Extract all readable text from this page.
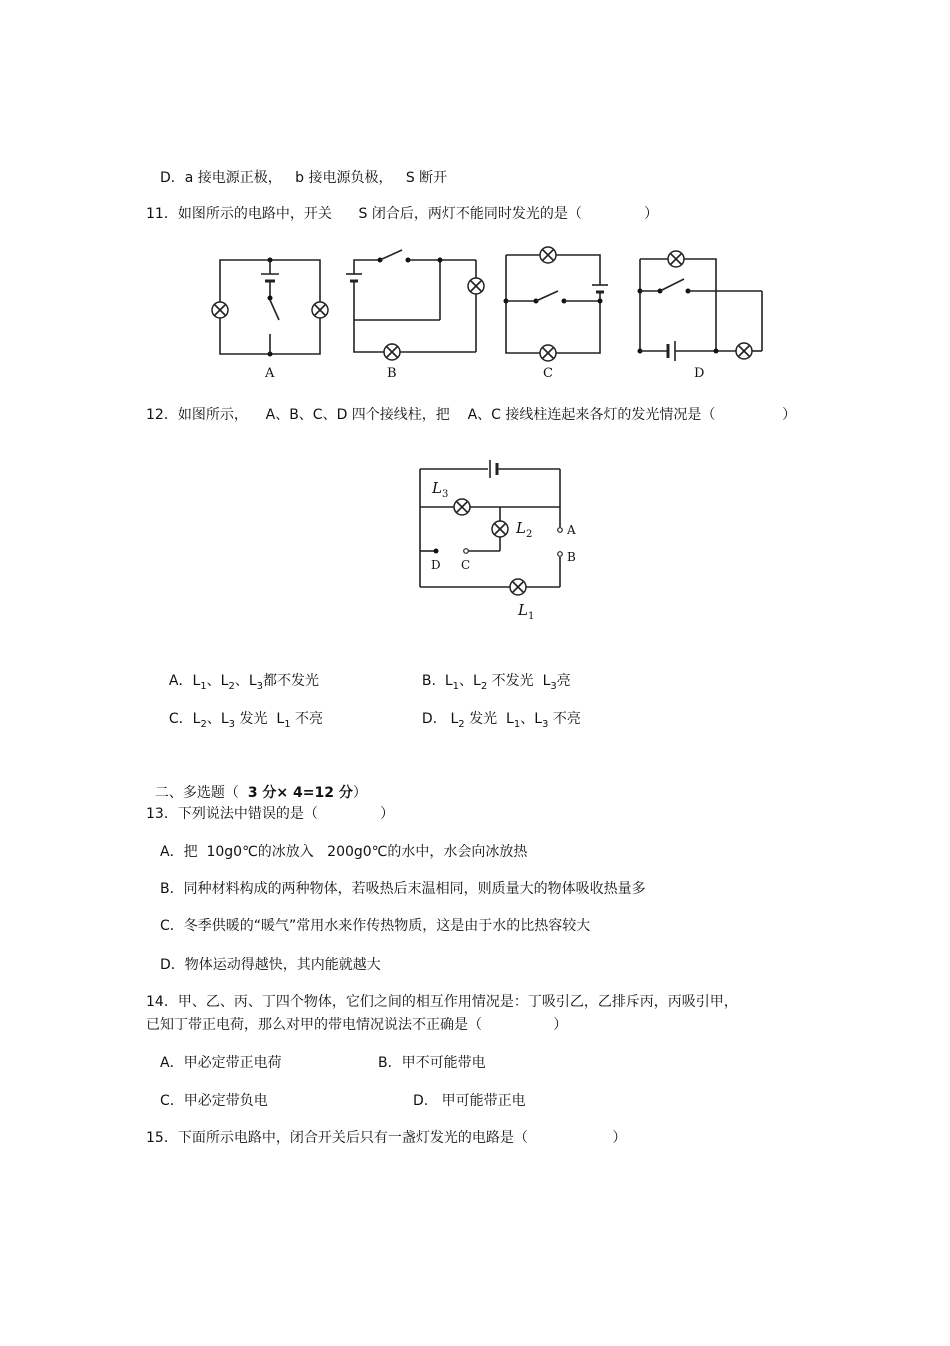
D．a 接电源正极，   b 接电源负极，   S 断开
11．如图所示的电路中，开关      S 闭合后，两灯不能同时发光的是（              ）
A	B	C	D
12．如图所示，    A、B、C、D 四个接线柱，把    A、C 接线柱连起来各灯的发光情况是（               ）
L 3
L 2
L 1
A
B
C
D

A．$L_1$、$L_2$、$L_3$都不发光	B.  $L_1$、$L_2$ 不发光  $L_3$亮

C．$L_2$、$L_3$ 发光  $L_1$ 不亮	D.   $L_2$ 发光  $L_1$、$L_3$ 不亮

二、多选题（  3 分× 4=12 分）

13．下列说法中错误的是（              ）
A．把  10g0℃的冰放入   200g0℃的水中，水会向冰放热
B．同种材料构成的两种物体，若吸热后末温相同，则质量大的物体吸收热量多
C．冬季供暖的“暖气”常用水来作传热物质，这是由于水的比热容较大
D．物体运动得越快，其内能就越大
14．甲、乙、丙、丁四个物体，它们之间的相互作用情况是：丁吸引乙，乙排斥丙，丙吸引甲，
已知丁带正电荷，那么对甲的带电情况说法不正确是（                ）
A．甲必定带正电荷	B．甲不可能带电
C．甲必定带负电	D.   甲可能带正电
15．下面所示电路中，闭合开关后只有一盏灯发光的电路是（                   ）
